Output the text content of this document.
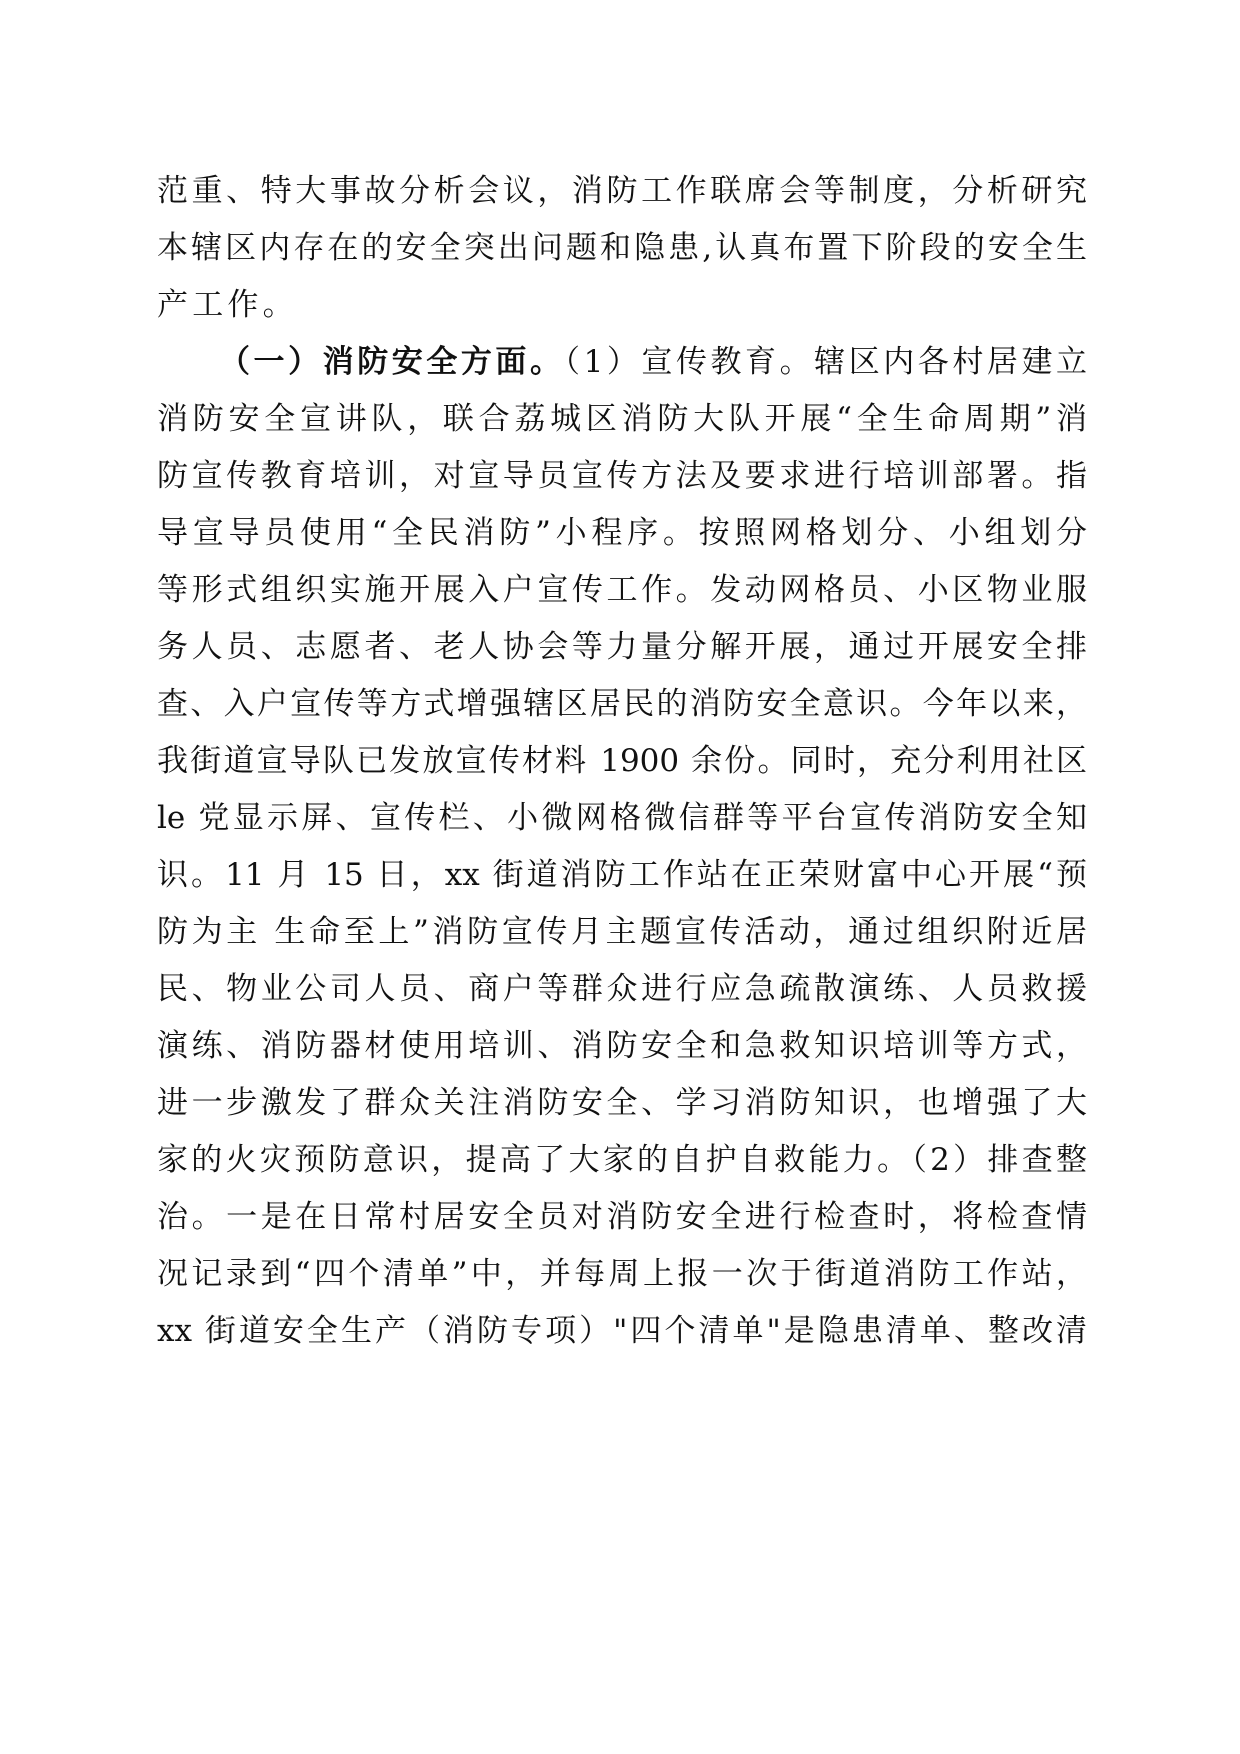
范重、特大事故分析会议，消防工作联席会等制度，分析研究
本辖区内存在的安全突出问题和隐患,认真布置下阶段的安全生
产工作。
（一）消防安全方面。（1）宣传教育。辖区内各村居建立
消防安全宣讲队，联合荔城区消防大队开展“全生命周期”消
防宣传教育培训，对宣导员宣传方法及要求进行培训部署。指
导宣导员使用“全民消防”小程序。按照网格划分、小组划分
等形式组织实施开展入户宣传工作。发动网格员、小区物业服
务人员、志愿者、老人协会等力量分解开展，通过开展安全排
查、入户宣传等方式增强辖区居民的消防安全意识。今年以来，
我街道宣导队已发放宣传材料 1900 余份。同时，充分利用社区
le 党显示屏、宣传栏、小微网格微信群等平台宣传消防安全知
识。11 月 15 日，xx 街道消防工作站在正荣财富中心开展“预
防为主 生命至上”消防宣传月主题宣传活动，通过组织附近居
民、物业公司人员、商户等群众进行应急疏散演练、人员救援
演练、消防器材使用培训、消防安全和急救知识培训等方式，
进一步激发了群众关注消防安全、学习消防知识，也增强了大
家的火灾预防意识，提高了大家的自护自救能力。（2）排查整
治。一是在日常村居安全员对消防安全进行检查时，将检查情
况记录到“四个清单”中，并每周上报一次于街道消防工作站，
xx 街道安全生产（消防专项）"四个清单"是隐患清单、整改清
